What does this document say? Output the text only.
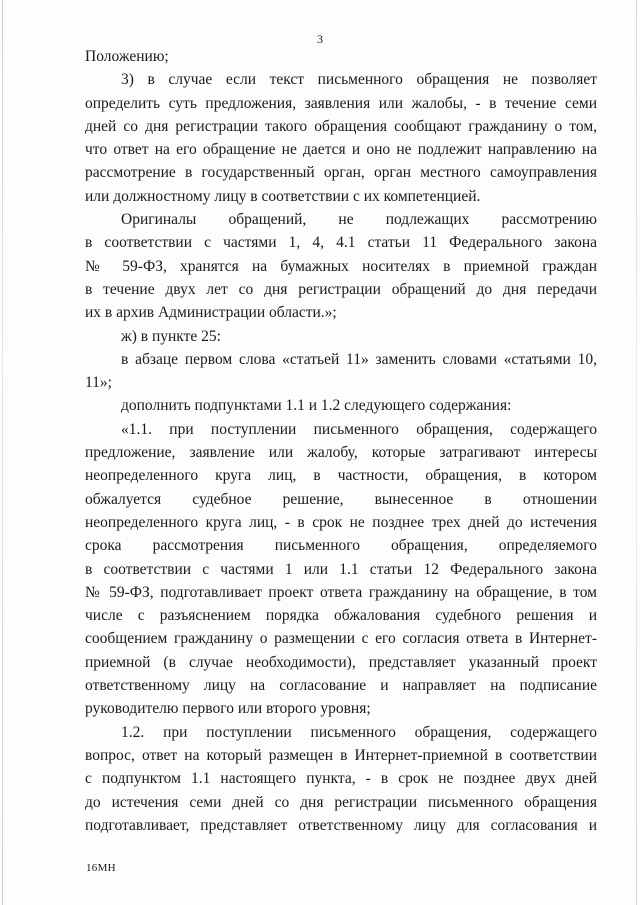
3

Положению;

3) в случае если текст письменного обращения не позволяет
определить суть предложения, заявления или жалобы, - в течение семи
дней со дня регистрации такого обращения сообщают гражданину о том,
что ответ на его обращение не дается и оно не подлежит направлению на
рассмотрение в государственный орган, орган местного самоуправления
или должностному лицу в соответствии с их компетенцией.

Оригиналы обращений, не подлежащих рассмотрению
в соответствии с частями 1, 4, 4.1 статьи 11 Федерального закона
№ 59-ФЗ, хранятся на бумажных носителях в приемной граждан
в течение двух лет со дня регистрации обращений до дня передачи
их в архив Администрации области.»;

ж) в пункте 25:

в абзаце первом слова «статьей 11» заменить словами «статьями 10,
11»;

дополнить подпунктами 1.1 и 1.2 следующего содержания:

«1.1. при поступлении письменного обращения, содержащего
предложение, заявление или жалобу, которые затрагивают интересы
неопределенного круга лиц, в частности, обращения, в котором
обжалуется судебное решение, вынесенное в отношении
неопределенного круга лиц, - в срок не позднее трех дней до истечения
срока рассмотрения письменного обращения, определяемого
в соответствии с частями 1 или 1.1 статьи 12 Федерального закона
№ 59-ФЗ, подготавливает проект ответа гражданину на обращение, в том
числе с разъяснением порядка обжалования судебного решения и
сообщением гражданину о размещении с его согласия ответа в Интернет-
приемной (в случае необходимости), представляет указанный проект
ответственному лицу на согласование и направляет на подписание
руководителю первого или второго уровня;

1.2. при поступлении письменного обращения, содержащего
вопрос, ответ на который размещен в Интернет-приемной в соответствии
с подпунктом 1.1 настоящего пункта, - в срок не позднее двух дней
до истечения семи дней со дня регистрации письменного обращения
подготавливает, представляет ответственному лицу для согласования и

16МН
